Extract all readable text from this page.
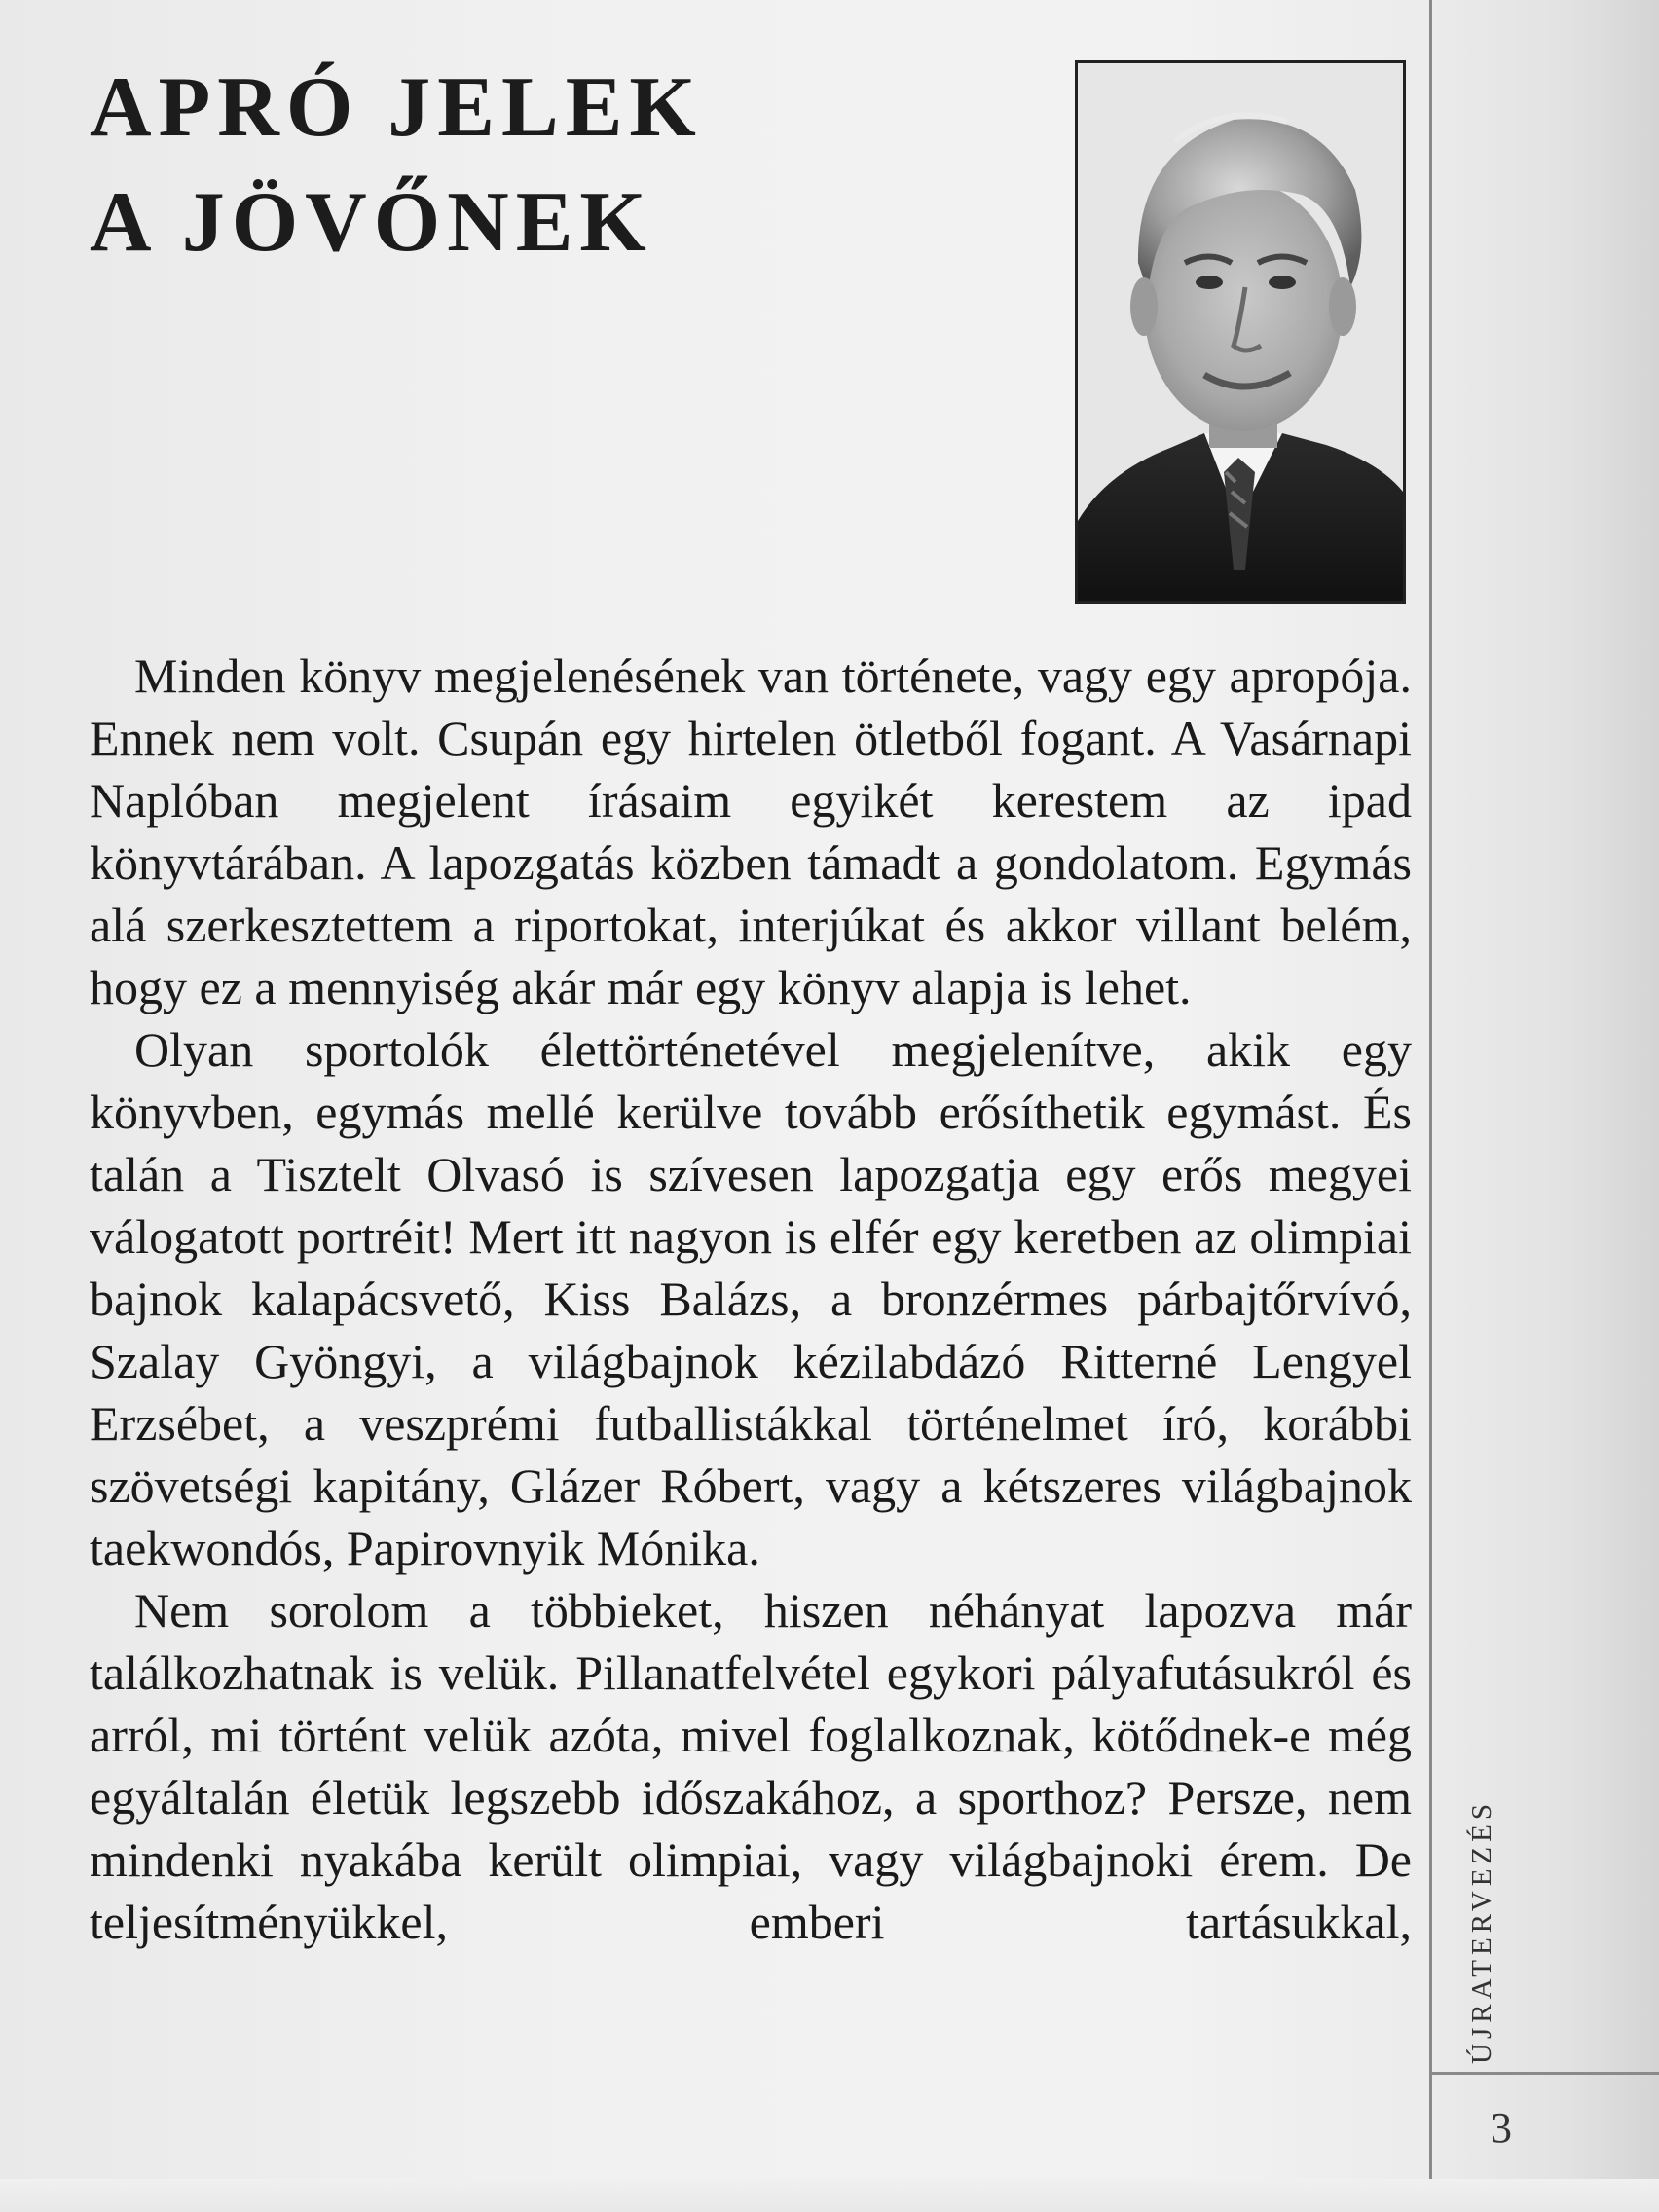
APRÓ JELEK
A JÖVŐNEK

Minden könyv megjelenésének van története, vagy egy apropója. Ennek nem volt. Csupán egy hirtelen ötletből fogant. A Vasárnapi Naplóban megjelent írásaim egyikét kerestem az ipad könyvtárában. A lapozgatás közben támadt a gondolatom. Egymás alá szerkesztettem a riportokat, interjúkat és akkor villant belém, hogy ez a mennyiség akár már egy könyv alapja is lehet.

Olyan sportolók élettörténetével megjelenítve, akik egy könyvben, egymás mellé kerülve tovább erősíthetik egymást. És talán a Tisztelt Olvasó is szívesen lapozgatja egy erős megyei válogatott portréit! Mert itt nagyon is elfér egy keretben az olimpiai bajnok kalapácsvető, Kiss Balázs, a bronzérmes párbajtőrvívó, Szalay Gyöngyi, a világbajnok kézilabdázó Ritterné Lengyel Erzsébet, a veszprémi futballistákkal történelmet író, korábbi szövetségi kapitány, Glázer Róbert, vagy a kétszeres világbajnok taekwondós, Papirovnyik Mónika.

Nem sorolom a többieket, hiszen néhányat lapozva már találkozhatnak is velük. Pillanatfelvétel egykori pályafutásukról és arról, mi történt velük azóta, mivel foglalkoznak, kötődnek-e még egyáltalán életük legszebb időszakához, a sporthoz? Persze, nem mindenki nyakába került olimpiai, vagy világbajnoki érem. De teljesítményükkel, emberi tartásukkal, ÚJRATERVEZÉS
3
